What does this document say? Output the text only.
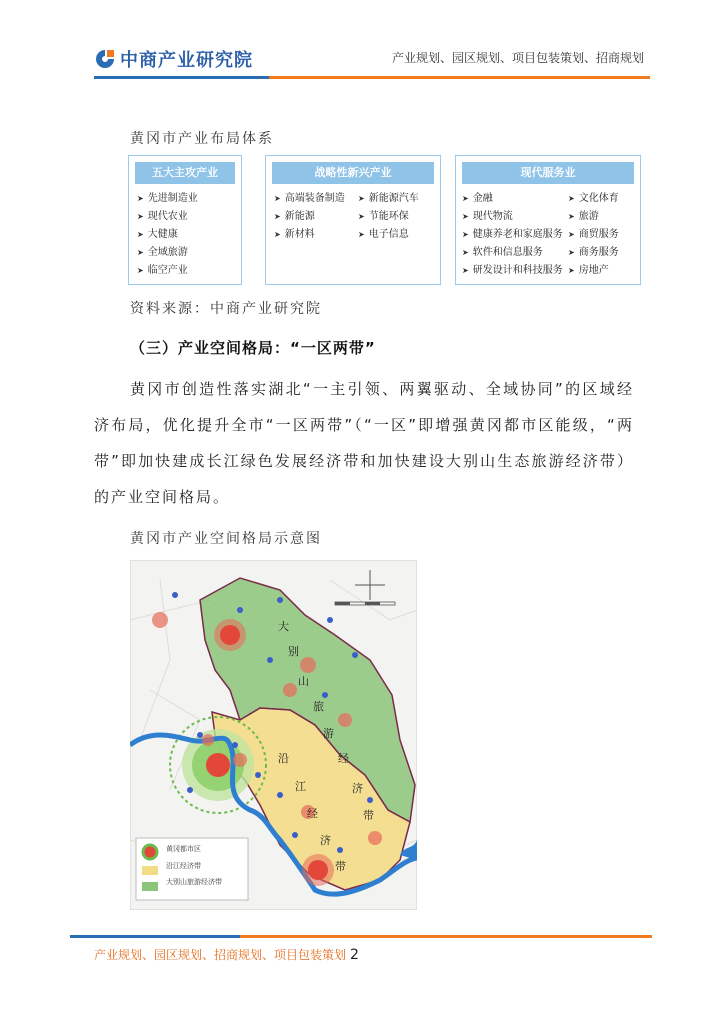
中商产业研究院	产业规划、园区规划、项目包装策划、招商规划
黄冈市产业布局体系
五大主攻产业
➤ 先进制造业
➤ 现代农业
➤ 大健康
➤ 全域旅游
➤ 临空产业
战略性新兴产业
➤ 高端装备制造
➤ 新能源
➤ 新材料
➤ 新能源汽车
➤ 节能环保
➤ 电子信息
现代服务业
➤ 金融
➤ 现代物流
➤ 健康养老和家庭服务
➤ 软件和信息服务
➤ 研发设计和科技服务
➤ 文化体育
➤ 旅游
➤ 商贸服务
➤ 商务服务
➤ 房地产
资料来源：中商产业研究院
（三）产业空间格局：“一区两带”

黄冈市创造性落实湖北“一主引领、两翼驱动、全域协同”的区域经济布局，优化提升全市“一区两带”（“一区”即增强黄冈都市区能级，“两带”即加快建成长江绿色发展经济带和加快建设大别山生态旅游经济带）的产业空间格局。

黄冈市产业空间格局示意图
大
别
山
旅
游
经
济
带
沿
江
经
济
带
黄冈都市区
沿江经济带
大别山旅游经济带
产业规划、园区规划、招商规划、项目包装策划 2
